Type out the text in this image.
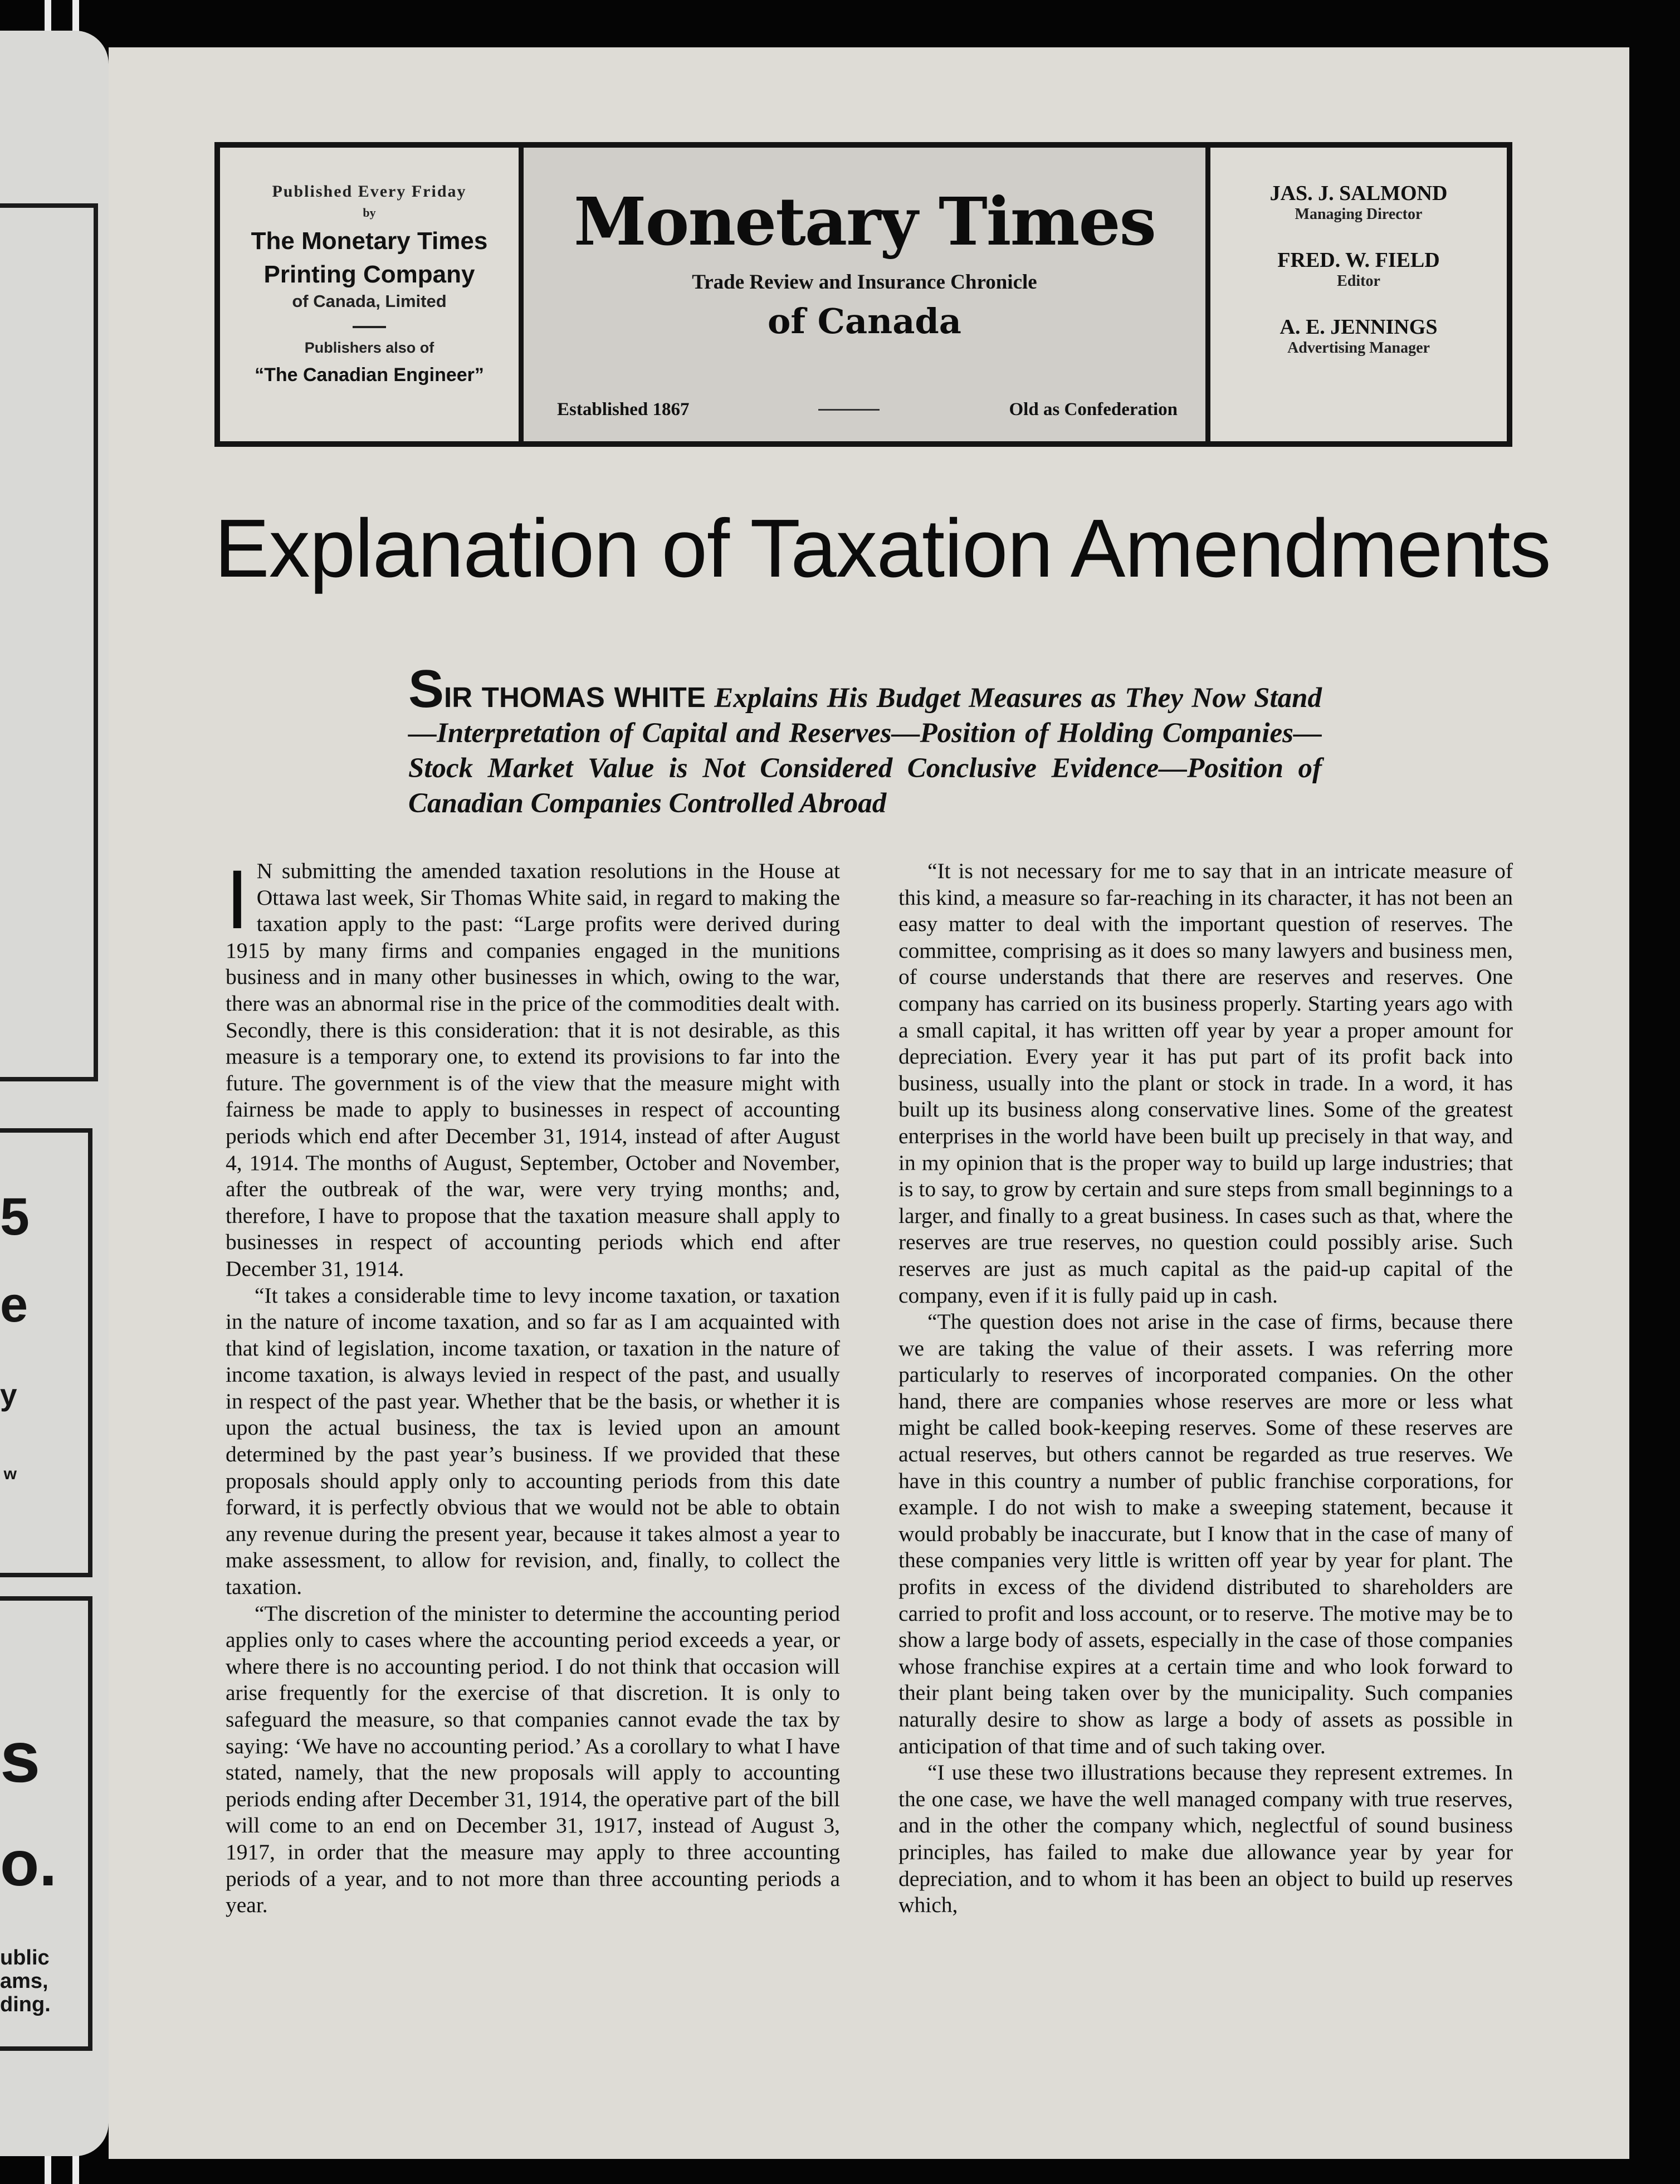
5
e
y
w
s
o.
ublic
ams,
ding.
Published Every Friday
by
The Monetary Times
Printing Company
of Canada, Limited
Publishers also of
“The Canadian Engineer”
Monetary Times
Trade Review and Insurance Chronicle
of Canada
Established 1867	Old as Confederation
JAS. J. SALMOND
Managing Director
FRED. W. FIELD
Editor
A. E. JENNINGS
Advertising Manager
Explanation of Taxation Amendments
SIR THOMAS WHITE Explains His Budget Measures as They Now Stand—Interpretation of Capital and Reserves—Position of Holding Companies—Stock Market Value is Not Considered Conclusive Evidence—Position of Canadian Companies Controlled Abroad
I N submitting the amended taxation resolutions in the House at Ottawa last week, Sir Thomas White said, in regard to making the taxation apply to the past: “Large profits were derived during 1915 by many firms and companies engaged in the munitions business and in many other businesses in which, owing to the war, there was an abnormal rise in the price of the commodities dealt with. Secondly, there is this consideration: that it is not desirable, as this measure is a temporary one, to extend its provisions to far into the future. The government is of the view that the measure might with fairness be made to apply to businesses in respect of accounting periods which end after December 31, 1914, instead of after August 4, 1914. The months of August, September, October and November, after the outbreak of the war, were very trying months; and, therefore, I have to propose that the taxation measure shall apply to businesses in respect of accounting periods which end after December 31, 1914.

“It takes a considerable time to levy income taxation, or taxation in the nature of income taxation, and so far as I am acquainted with that kind of legislation, income taxation, or taxation in the nature of income taxation, is always levied in respect of the past, and usually in respect of the past year. Whether that be the basis, or whether it is upon the actual business, the tax is levied upon an amount determined by the past year’s business. If we provided that these proposals should apply only to accounting periods from this date forward, it is perfectly obvious that we would not be able to obtain any revenue during the present year, because it takes almost a year to make assessment, to allow for revision, and, finally, to collect the taxation.

“The discretion of the minister to determine the accounting period applies only to cases where the accounting period exceeds a year, or where there is no accounting period. I do not think that occasion will arise frequently for the exercise of that discretion. It is only to safeguard the measure, so that companies cannot evade the tax by saying: ‘We have no accounting period.’ As a corollary to what I have stated, namely, that the new proposals will apply to accounting periods ending after December 31, 1914, the operative part of the bill will come to an end on December 31, 1917, instead of August 3, 1917, in order that the measure may apply to three accounting periods of a year, and to not more than three accounting periods a year.

“It is not necessary for me to say that in an intricate measure of this kind, a measure so far-reaching in its character, it has not been an easy matter to deal with the important question of reserves. The committee, comprising as it does so many lawyers and business men, of course understands that there are reserves and reserves. One company has carried on its business properly. Starting years ago with a small capital, it has written off year by year a proper amount for depreciation. Every year it has put part of its profit back into business, usually into the plant or stock in trade. In a word, it has built up its business along conservative lines. Some of the greatest enterprises in the world have been built up precisely in that way, and in my opinion that is the proper way to build up large industries; that is to say, to grow by certain and sure steps from small beginnings to a larger, and finally to a great business. In cases such as that, where the reserves are true reserves, no question could possibly arise. Such reserves are just as much capital as the paid-up capital of the company, even if it is fully paid up in cash.

“The question does not arise in the case of firms, because there we are taking the value of their assets. I was referring more particularly to reserves of incorporated companies. On the other hand, there are companies whose reserves are more or less what might be called book-keeping reserves. Some of these reserves are actual reserves, but others cannot be regarded as true reserves. We have in this country a number of public franchise corporations, for example. I do not wish to make a sweeping statement, because it would probably be inaccurate, but I know that in the case of many of these companies very little is written off year by year for plant. The profits in excess of the dividend distributed to shareholders are carried to profit and loss account, or to reserve. The motive may be to show a large body of assets, especially in the case of those companies whose franchise expires at a certain time and who look forward to their plant being taken over by the municipality. Such companies naturally desire to show as large a body of assets as possible in anticipation of that time and of such taking over.

“I use these two illustrations because they represent extremes. In the one case, we have the well managed company with true reserves, and in the other the company which, neglectful of sound business principles, has failed to make due allowance year by year for depreciation, and to whom it has been an object to build up reserves which,
